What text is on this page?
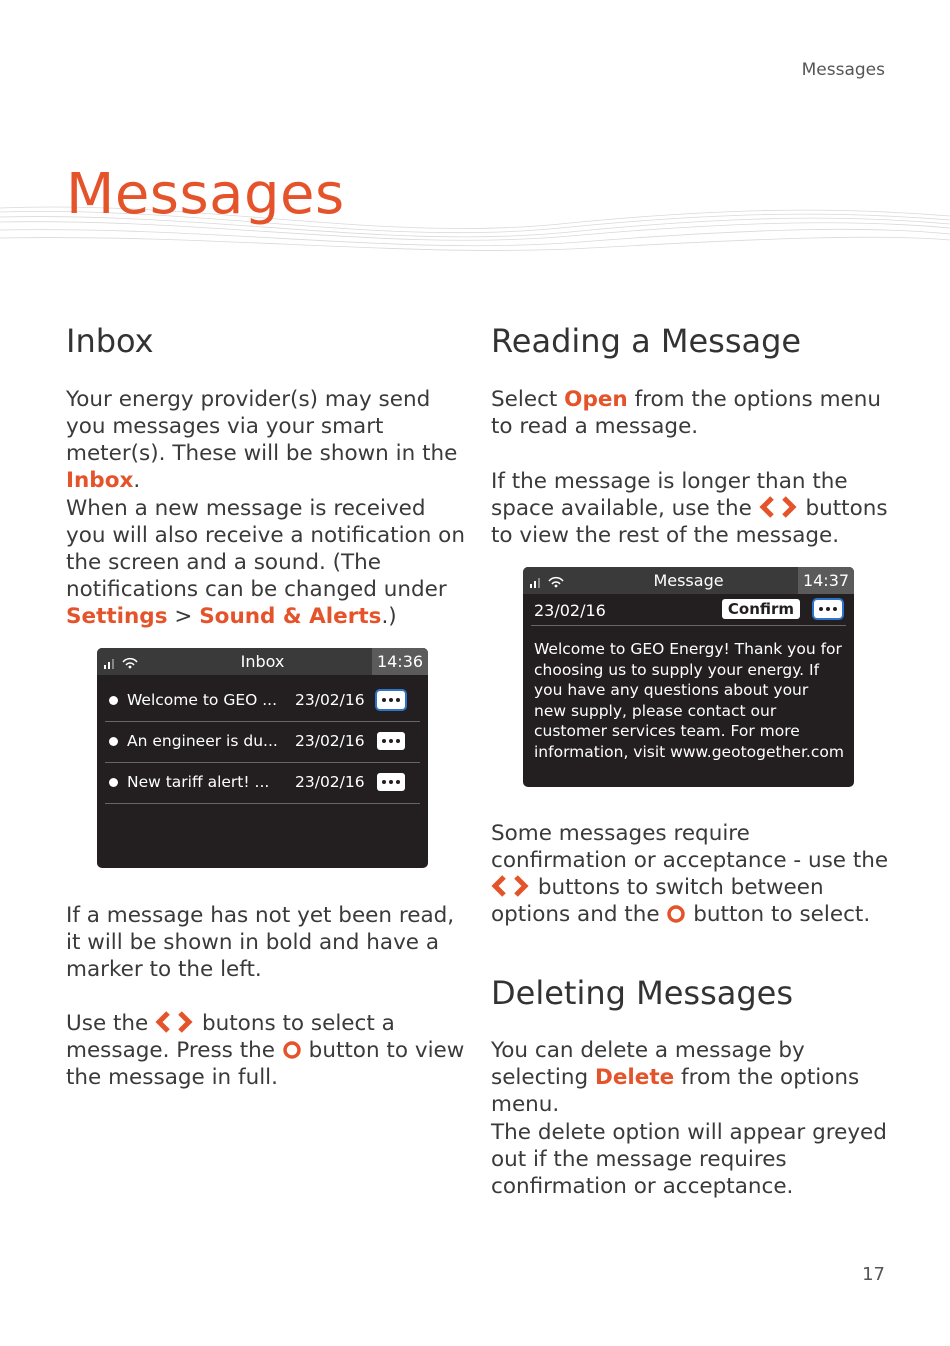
Messages
Messages
Inbox

Your energy provider(s) may send you messages via your smart meter(s). These will be shown in the Inbox.

When a new message is received you will also receive a notification on the screen and a sound. (The notifications can be changed under Settings > Sound & Alerts.)

Inbox	14:36
Welcome to GEO ... 23/02/16
An engineer is du... 23/02/16
New tariff alert! ... 23/02/16

If a message has not yet been read, it will be shown in bold and have a marker to the left.

Use the
butons to select a message. Press the
button to view the message in full.

Reading a Message

Select Open from the options menu to read a message.

If the message is longer than the space available, use the
buttons to view the rest of the message.

Message	14:37
23/02/16	Confirm
Welcome to GEO Energy! Thank you for choosing us to supply your energy. If you have any questions about your new supply, please contact our customer services team. For more information, visit www.geotogether.com

Some messages require confirmation or acceptance - use the
buttons to switch between options and the
button to select.

Deleting Messages

You can delete a message by selecting Delete from the options menu.

The delete option will appear greyed out if the message requires confirmation or acceptance.

17
